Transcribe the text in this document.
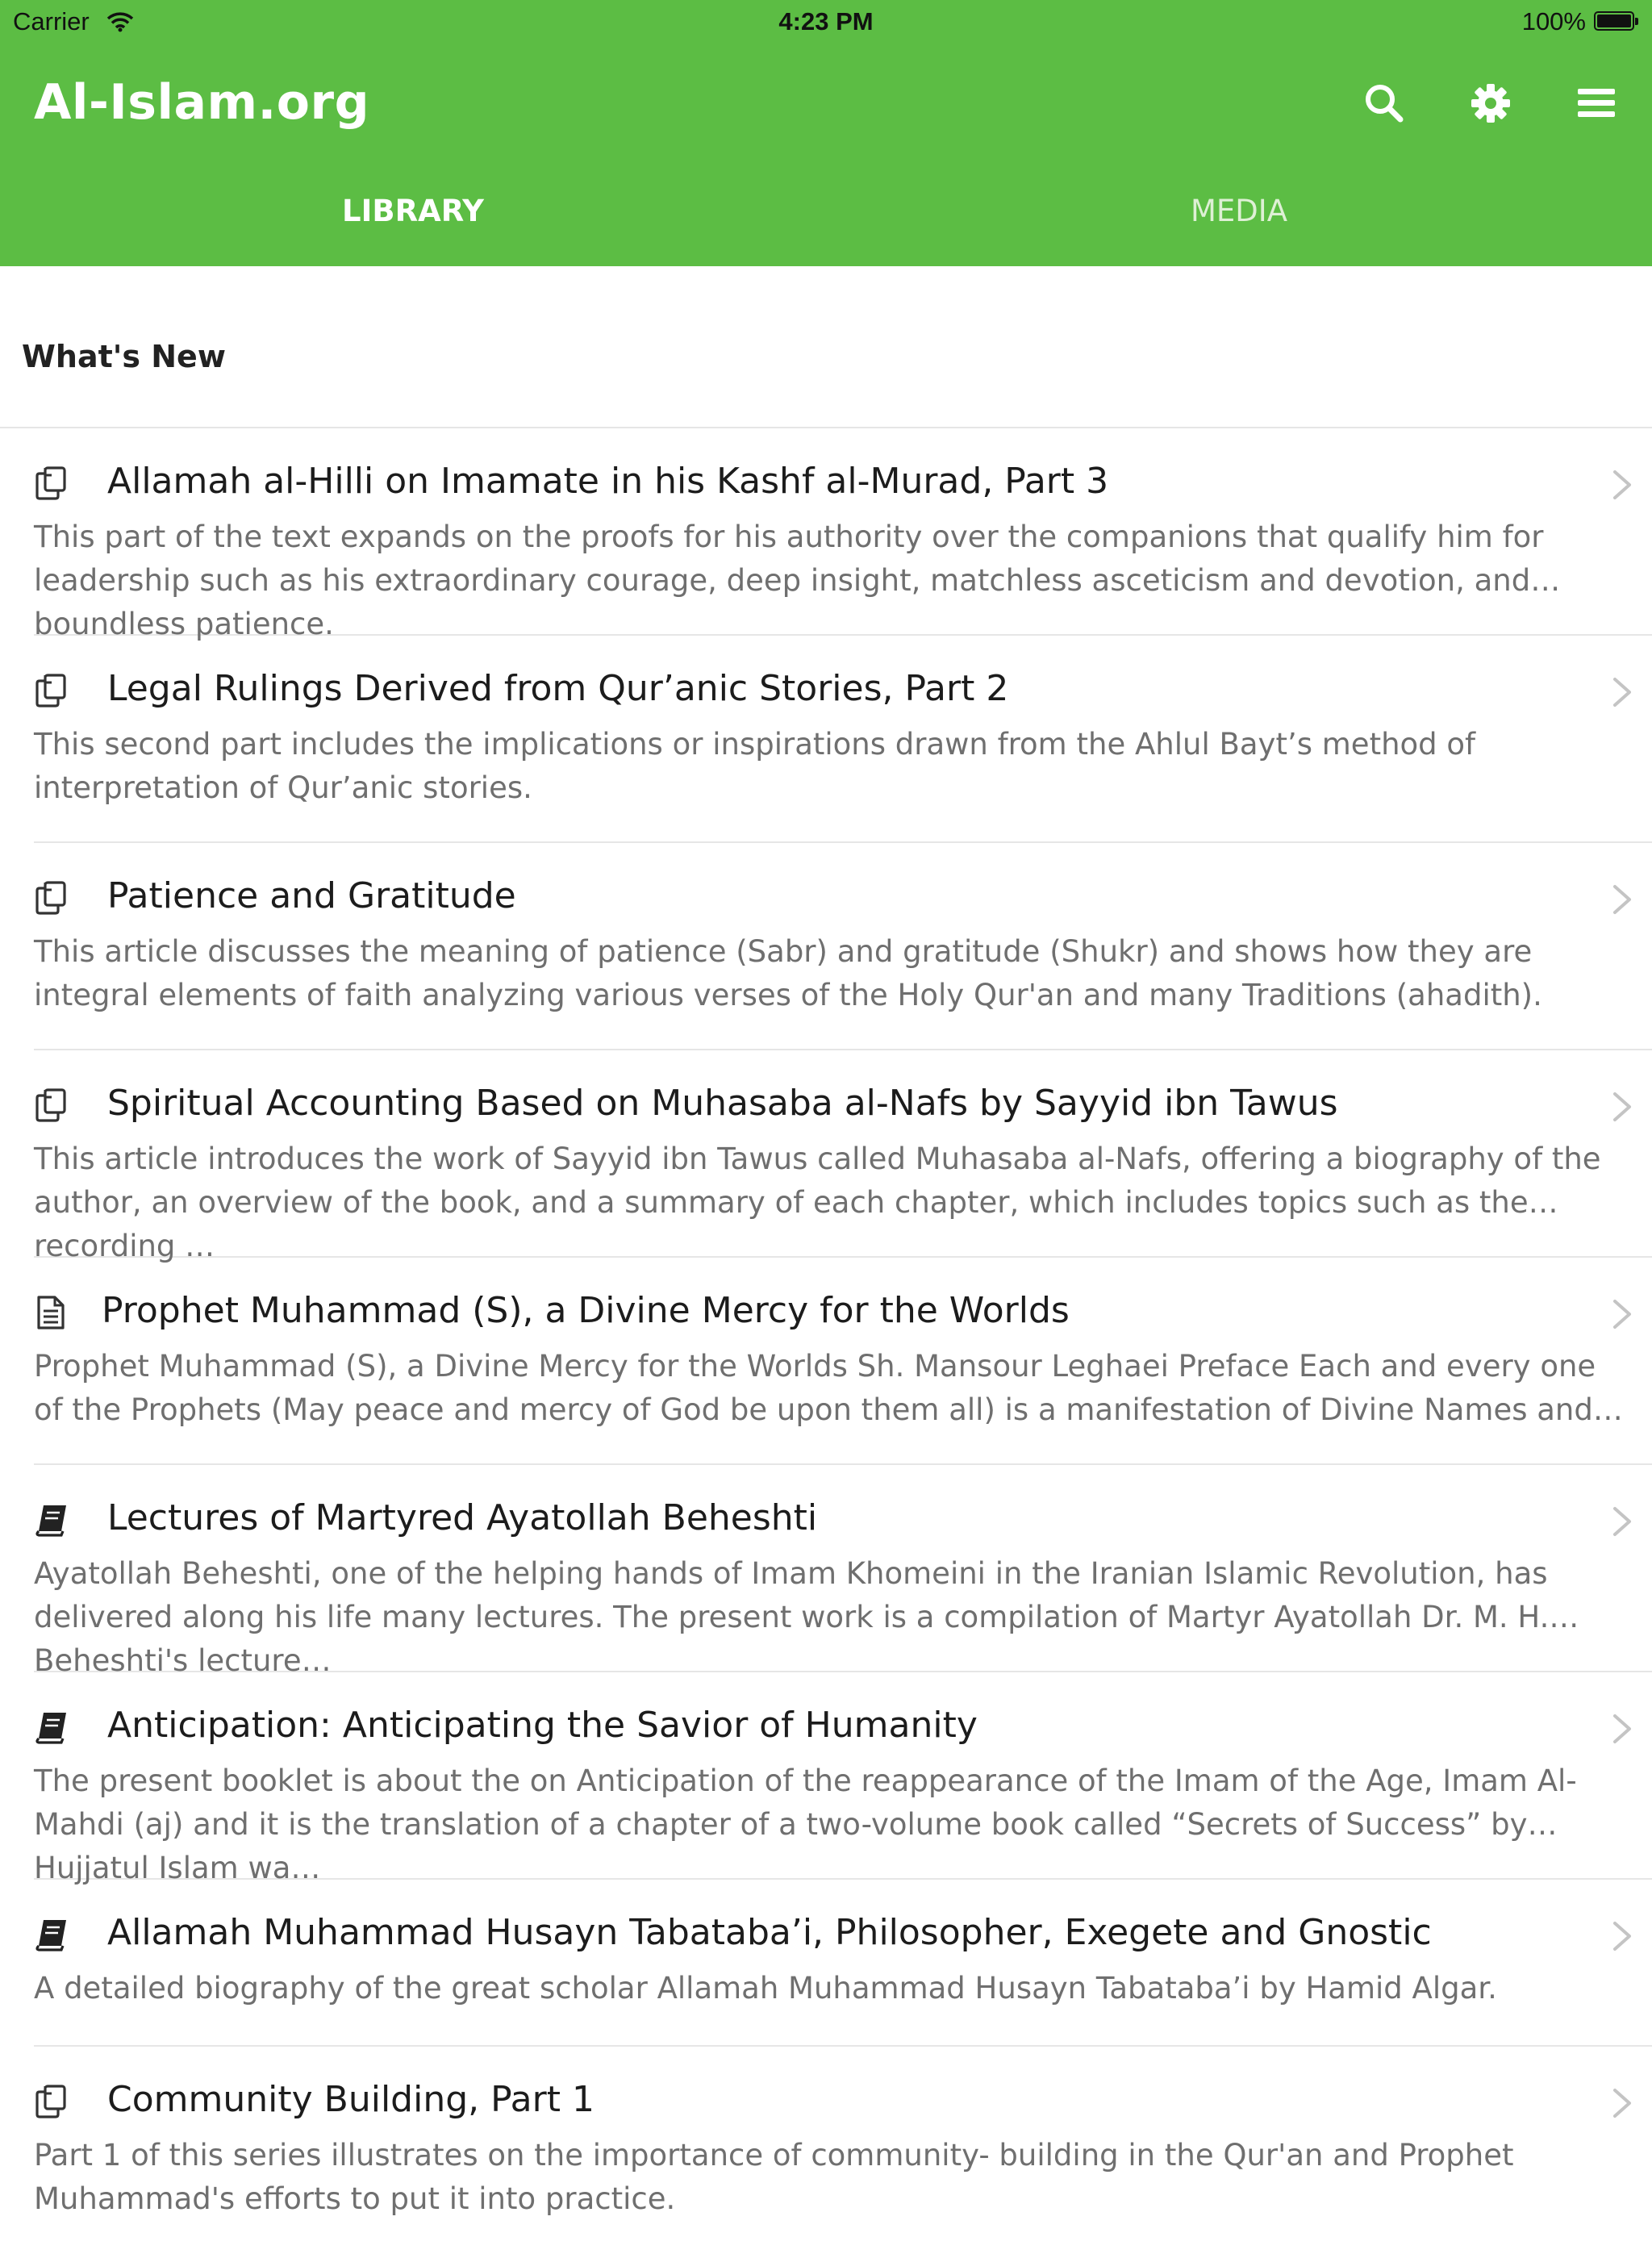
Carrier	4:23 PM	100%
Al-Islam.org
LIBRARY	MEDIA
What's New
Allamah al-Hilli on Imamate in his Kashf al-Murad, Part 3
This part of the text expands on the proofs for his authority over the companions that qualify him for leadership such as his extraordinary courage, deep insight, matchless asceticism and devotion, and boundless patience.
Legal Rulings Derived from Qur’anic Stories, Part 2
This second part includes the implications or inspirations drawn from the Ahlul Bayt’s method of interpretation of Qur’anic stories.
Patience and Gratitude
This article discusses the meaning of patience (Sabr) and gratitude (Shukr) and shows how they are integral elements of faith analyzing various verses of the Holy Qur'an and many Traditions (ahadith).
Spiritual Accounting Based on Muhasaba al-Nafs by Sayyid ibn Tawus
This article introduces the work of Sayyid ibn Tawus called Muhasaba al-Nafs, offering a biography of the author, an overview of the book, and a summary of each chapter, which includes topics such as the recording …
Prophet Muhammad (S), a Divine Mercy for the Worlds
Prophet Muhammad (S), a Divine Mercy for the Worlds Sh. Mansour Leghaei Preface Each and every one of the Prophets (May peace and mercy of God be upon them all) is a manifestation of Divine Names and…
Lectures of Martyred Ayatollah Beheshti
Ayatollah Beheshti, one of the helping hands of Imam Khomeini in the Iranian Islamic Revolution, has delivered along his life many lectures. The present work is a compilation of Martyr Ayatollah Dr. M. H. Beheshti's lecture…
Anticipation: Anticipating the Savior of Humanity
The present booklet is about the on Anticipation of the reappearance of the Imam of the Age, Imam Al-Mahdi (aj) and it is the translation of a chapter of a two-volume book called “Secrets of Success” by Hujjatul Islam wa…
Allamah Muhammad Husayn Tabataba’i, Philosopher, Exegete and Gnostic
A detailed biography of the great scholar Allamah Muhammad Husayn Tabataba’i by Hamid Algar.
Community Building, Part 1
Part 1 of this series illustrates on the importance of community- building in the Qur'an and Prophet Muhammad's efforts to put it into practice.
